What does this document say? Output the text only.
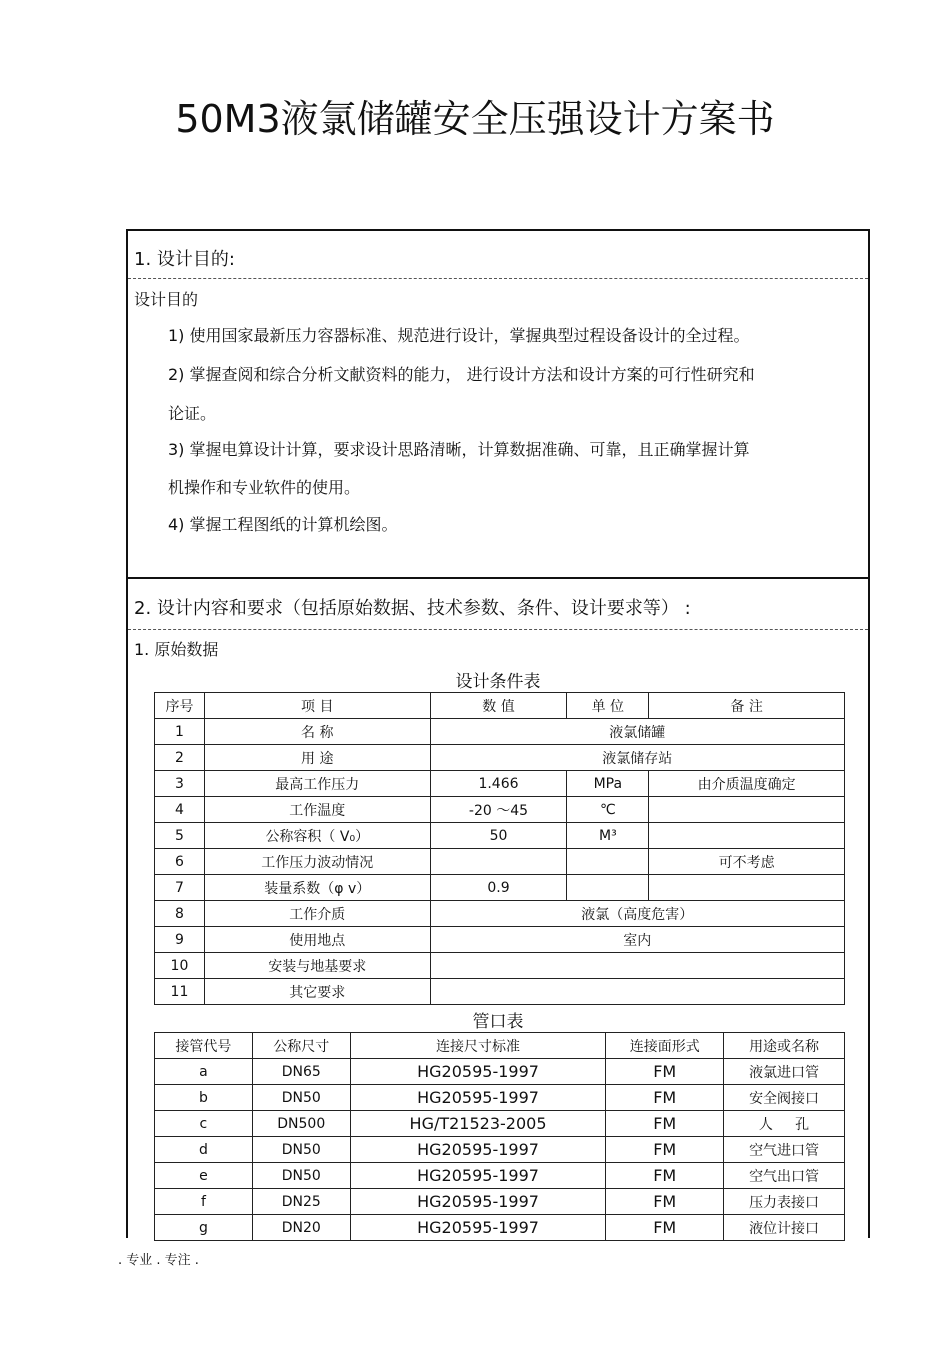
50M3液氯储罐安全压强设计方案书
1. 设计目的:
设计目的
1) 使用国家最新压力容器标准、规范进行设计，掌握典型过程设备设计的全过程。
2) 掌握查阅和综合分析文献资料的能力， 进行设计方法和设计方案的可行性研究和
论证。
3) 掌握电算设计计算，要求设计思路清晰，计算数据准确、可靠，且正确掌握计算
机操作和专业软件的使用。
4) 掌握工程图纸的计算机绘图。
2. 设计内容和要求（包括原始数据、技术参数、条件、设计要求等） :
1. 原始数据
设计条件表
序号	项 目	数 值	单 位	备 注
1	名 称	液氯储罐		
2	用 途	液氯储存站		
3	最高工作压力	1.466	MPa	由介质温度确定
4	工作温度	-20 ～45	℃	
5	公称容积（ V₀）	50	M³	
6	工作压力波动情况			可不考虑
7	装量系数（φ v）	0.9		
8	工作介质	液氯（高度危害）		
9	使用地点	室内		
10	安装与地基要求			
11	其它要求			
管口表
接管代号	公称尺寸	连接尺寸标准	连接面形式	用途或名称
a	DN65	HG20595-1997	FM	液氯进口管
b	DN50	HG20595-1997	FM	安全阀接口
c	DN500	HG/T21523-2005	FM	人     孔
d	DN50	HG20595-1997	FM	空气进口管
e	DN50	HG20595-1997	FM	空气出口管
f	DN25	HG20595-1997	FM	压力表接口
g	DN20	HG20595-1997	FM	液位计接口
. 专业 . 专注 .
